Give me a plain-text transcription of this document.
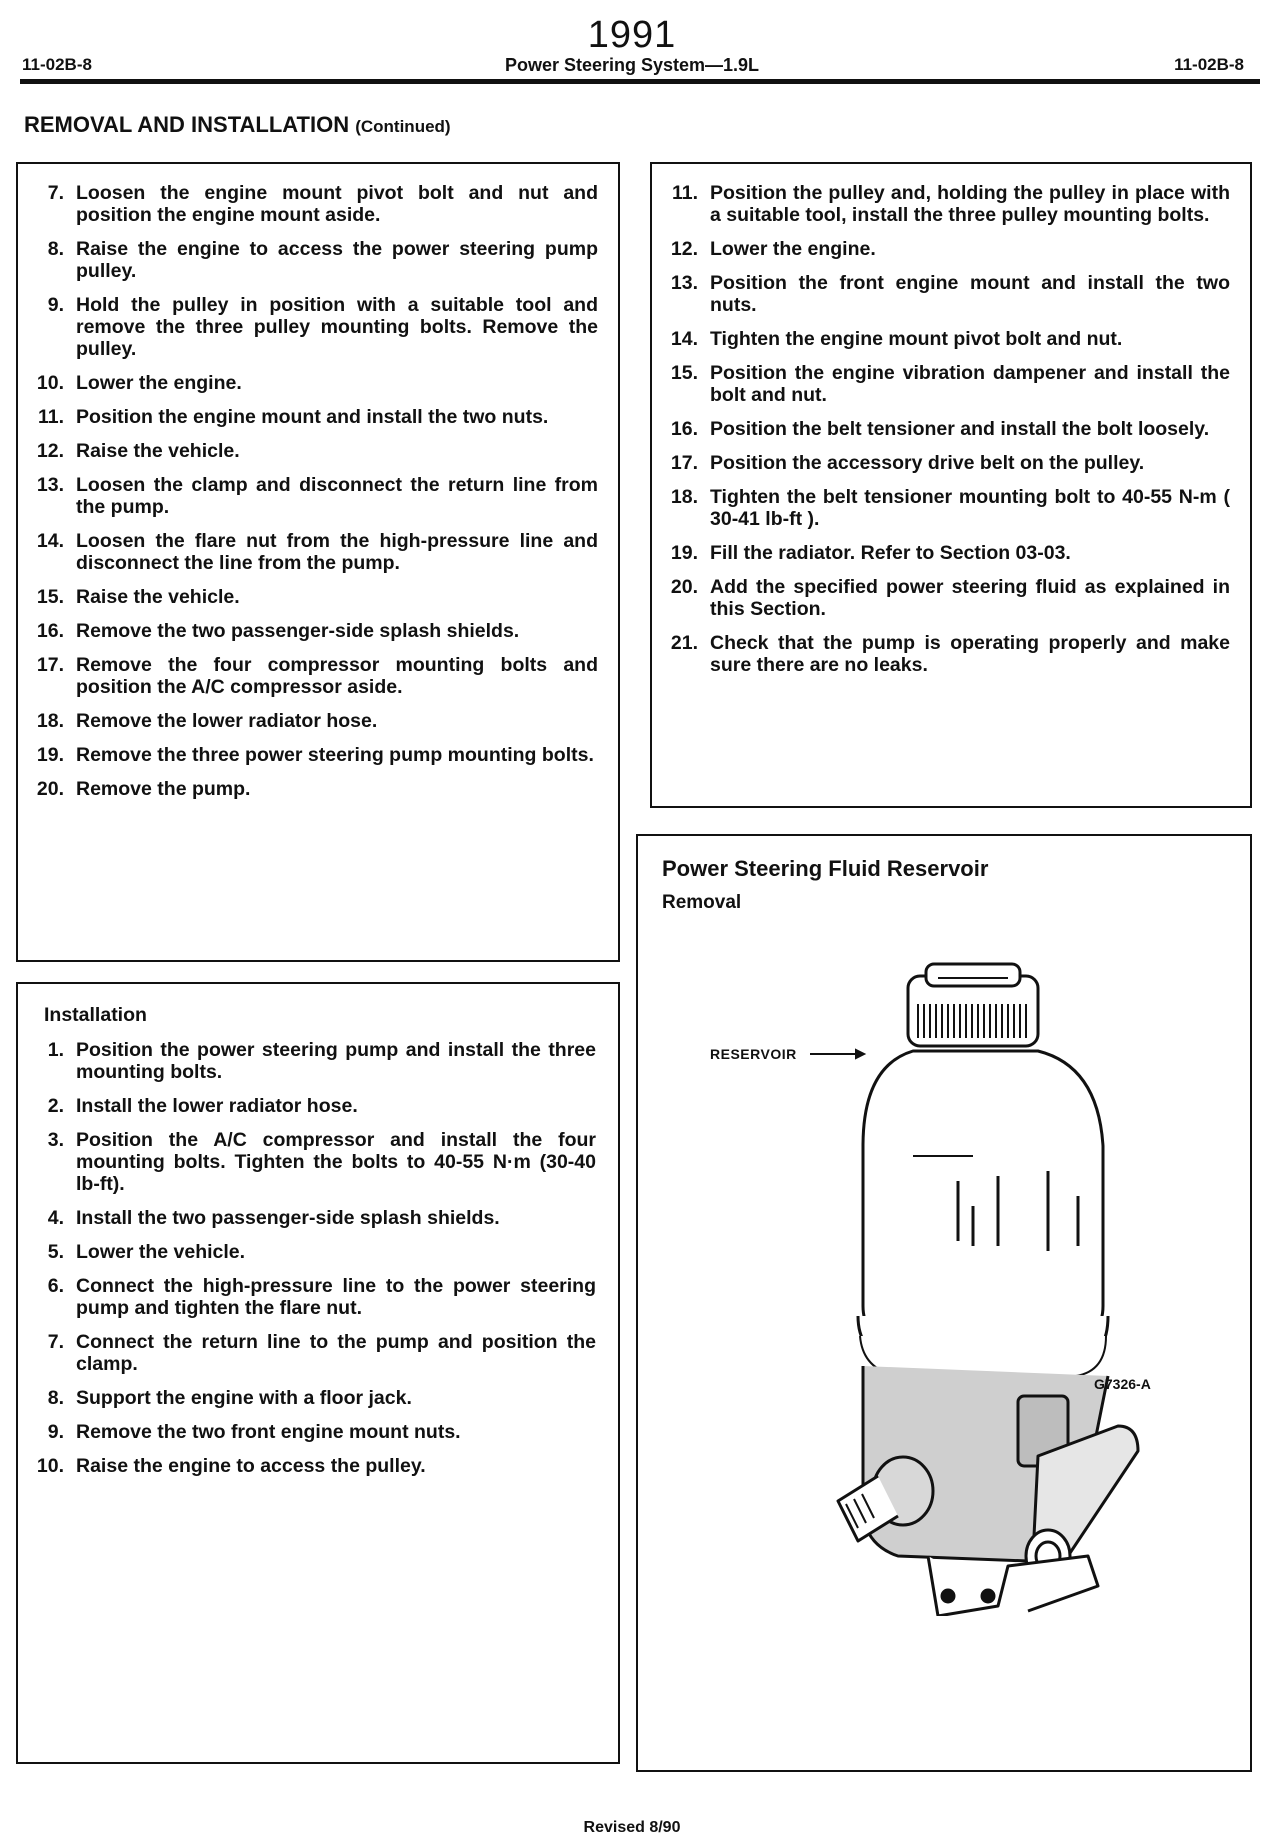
1991
11-02B-8	Power Steering System—1.9L	11-02B-8
REMOVAL AND INSTALLATION (Continued)
7. Loosen the engine mount pivot bolt and nut and position the engine mount aside.
8. Raise the engine to access the power steering pump pulley.
9. Hold the pulley in position with a suitable tool and remove the three pulley mounting bolts. Remove the pulley.
10. Lower the engine.
11. Position the engine mount and install the two nuts.
12. Raise the vehicle.
13. Loosen the clamp and disconnect the return line from the pump.
14. Loosen the flare nut from the high-pressure line and disconnect the line from the pump.
15. Raise the vehicle.
16. Remove the two passenger-side splash shields.
17. Remove the four compressor mounting bolts and position the A/C compressor aside.
18. Remove the lower radiator hose.
19. Remove the three power steering pump mounting bolts.
20. Remove the pump.
Installation
1. Position the power steering pump and install the three mounting bolts.
2. Install the lower radiator hose.
3. Position the A/C compressor and install the four mounting bolts. Tighten the bolts to 40-55 N·m (30-40 lb-ft).
4. Install the two passenger-side splash shields.
5. Lower the vehicle.
6. Connect the high-pressure line to the power steering pump and tighten the flare nut.
7. Connect the return line to the pump and position the clamp.
8. Support the engine with a floor jack.
9. Remove the two front engine mount nuts.
10. Raise the engine to access the pulley.
11. Position the pulley and, holding the pulley in place with a suitable tool, install the three pulley mounting bolts.
12. Lower the engine.
13. Position the front engine mount and install the two nuts.
14. Tighten the engine mount pivot bolt and nut.
15. Position the engine vibration dampener and install the bolt and nut.
16. Position the belt tensioner and install the bolt loosely.
17. Position the accessory drive belt on the pulley.
18. Tighten the belt tensioner mounting bolt to 40-55 N-m ( 30-41 lb-ft ).
19. Fill the radiator. Refer to Section 03-03.
20. Add the specified power steering fluid as explained in this Section.
21. Check that the pump is operating properly and make sure there are no leaks.
Power Steering Fluid Reservoir
Removal
RESERVOIR
G7326-A
Revised 8/90
